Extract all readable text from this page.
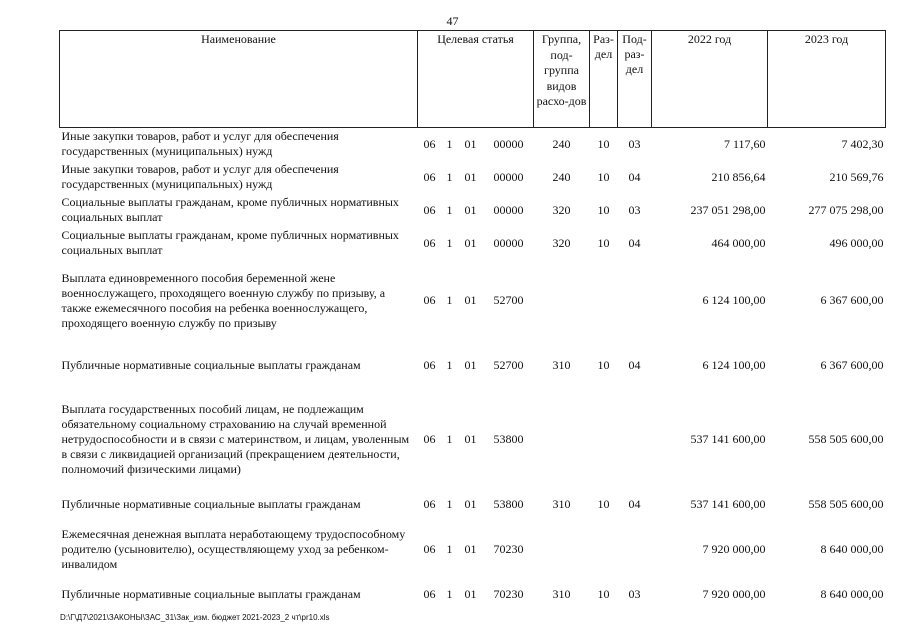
47
Наименование	Целевая статья				Группа, под-группа видов расхо-дов	Раз-дел	Под-раз-дел	2022 год	2023 год
Иные закупки товаров, работ и услуг для обеспечения государственных (муниципальных) нужд	06	1	01	00000	240	10	03	7 117,60	7 402,30
Иные закупки товаров, работ и услуг для обеспечения государственных (муниципальных) нужд	06	1	01	00000	240	10	04	210 856,64	210 569,76
Социальные выплаты гражданам, кроме публичных нормативных социальных выплат	06	1	01	00000	320	10	03	237 051 298,00	277 075 298,00
Социальные выплаты гражданам, кроме публичных нормативных социальных выплат	06	1	01	00000	320	10	04	464 000,00	496 000,00
Выплата единовременного пособия беременной жене военнослужащего, проходящего военную службу по призыву, а также ежемесячного пособия на ребенка военнослужащего, проходящего военную службу по призыву	06	1	01	52700				6 124 100,00	6 367 600,00
Публичные нормативные социальные выплаты гражданам	06	1	01	52700	310	10	04	6 124 100,00	6 367 600,00
Выплата государственных пособий лицам, не подлежащим обязательному социальному страхованию на случай временной нетрудоспособности и в связи с материнством, и лицам, уволенным в связи с ликвидацией организаций (прекращением деятельности, полномочий физическими лицами)	06	1	01	53800				537 141 600,00	558 505 600,00
Публичные нормативные социальные выплаты гражданам	06	1	01	53800	310	10	04	537 141 600,00	558 505 600,00
Ежемесячная денежная выплата неработающему трудоспособному родителю (усыновителю), осуществляющему уход за ребенком-инвалидом	06	1	01	70230				7 920 000,00	8 640 000,00
Публичные нормативные социальные выплаты гражданам	06	1	01	70230	310	10	03	7 920 000,00	8 640 000,00
D:\Г\Д7\2021\ЗАКОНЫ\ЗАС_31\Зак_изм. бюджет 2021-2023_2 чт\pr10.xls
